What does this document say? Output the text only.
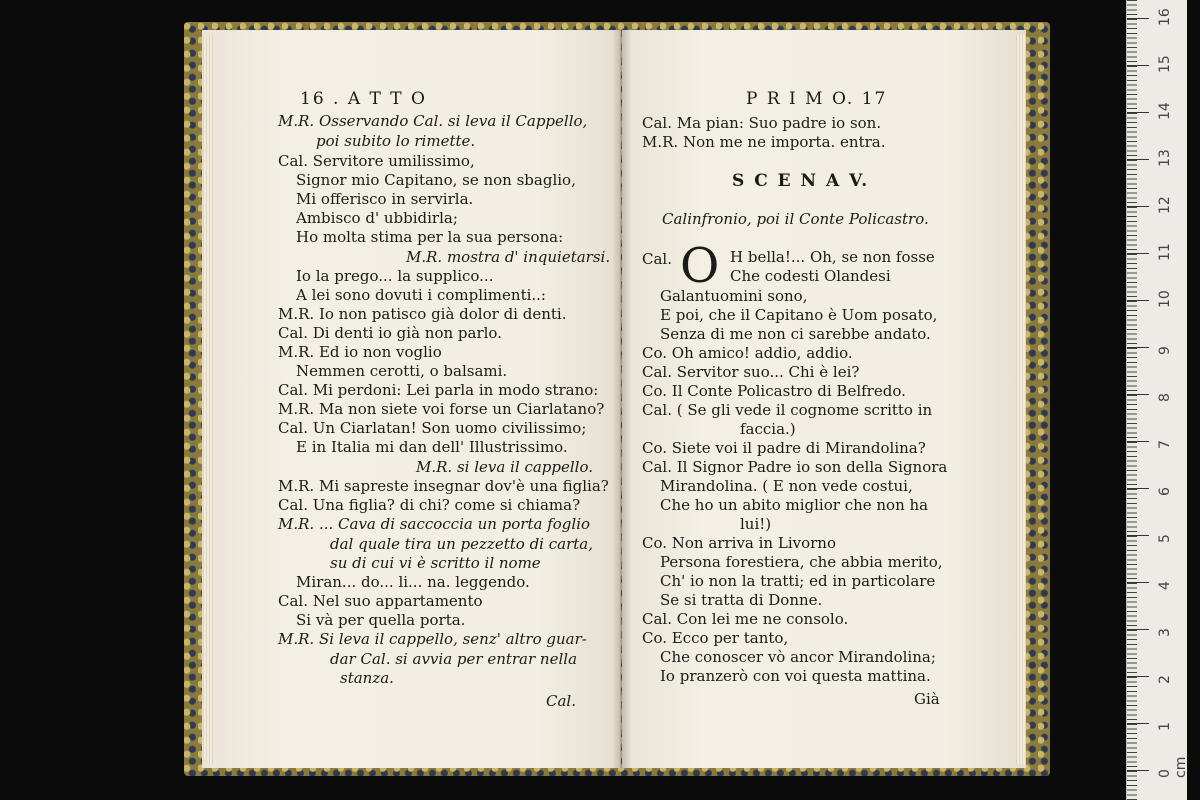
16 . A T T O
M.R. Osservando Cal. si leva il Cappello,
poi subito lo rimette.
Cal. Servitore umilissimo,
Signor mio Capitano, se non sbaglio,
Mi offerisco in servirla.
Ambisco d' ubbidirla;
Ho molta stima per la sua persona:
M.R. mostra d' inquietarsi.
Io la prego... la supplico...
A lei sono dovuti i complimenti..:
M.R. Io non patisco già dolor di denti.
Cal. Di denti io già non parlo.
M.R. Ed io non voglio
Nemmen cerotti, o balsami.
Cal. Mi perdoni: Lei parla in modo strano:
M.R. Ma non siete voi forse un Ciarlatano?
Cal. Un Ciarlatan! Son uomo civilissimo;
E in Italia mi dan dell' Illustrissimo.
M.R. si leva il cappello.
M.R. Mi sapreste insegnar dov'è una figlia?
Cal. Una figlia? di chi? come si chiama?
M.R. ... Cava di saccoccia un porta foglio
dal quale tira un pezzetto di carta,
su di cui vi è scritto il nome
Miran... do... li... na. leggendo.
Cal. Nel suo appartamento
Si và per quella porta.
M.R. Si leva il cappello, senz' altro guar-
dar Cal. si avvia per entrar nella
stanza.
Cal.
P R I M O. 17
Cal. Ma pian: Suo padre io son.
M.R. Non me ne importa. entra.
S C E N A V.
Calinfronio, poi il Conte Policastro.
Cal. O H bella!... Oh, se non fosse
Che codesti Olandesi
Galantuomini sono,
E poi, che il Capitano è Uom posato,
Senza di me non ci sarebbe andato.
Co. Oh amico! addio, addio.
Cal. Servitor suo... Chi è lei?
Co. Il Conte Policastro di Belfredo.
Cal. ( Se gli vede il cognome scritto in
faccia.)
Co. Siete voi il padre di Mirandolina?
Cal. Il Signor Padre io son della Signora
Mirandolina. ( E non vede costui,
Che ho un abito miglior che non ha
lui!)
Co. Non arriva in Livorno
Persona forestiera, che abbia merito,
Ch' io non la tratti; ed in particolare
Se si tratta di Donne.
Cal. Con lei me ne consolo.
Co. Ecco per tanto,
Che conoscer vò ancor Mirandolina;
Io pranzerò con voi questa mattina.
Già
0 cm
1
2
3
4
5
6
7
8
9
10
11
12
13
14
15
16
